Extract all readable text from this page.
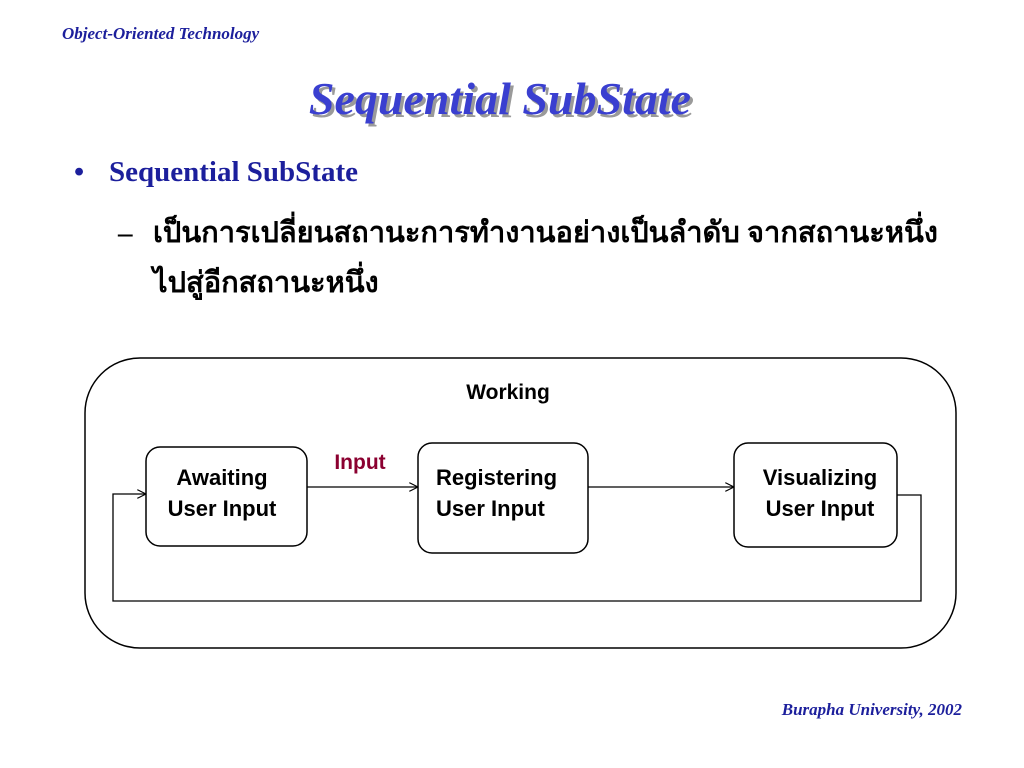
Object-Oriented Technology
Sequential SubState
• Sequential SubState
– เป็นการเปลี่ยนสถานะการทำงานอย่างเป็นลำดับ จากสถานะหนึ่งไปสู่อีกสถานะหนึ่ง
Working
Awaiting
User Input
Registering
User Input
Visualizing
User Input
Input
Burapha University, 2002
